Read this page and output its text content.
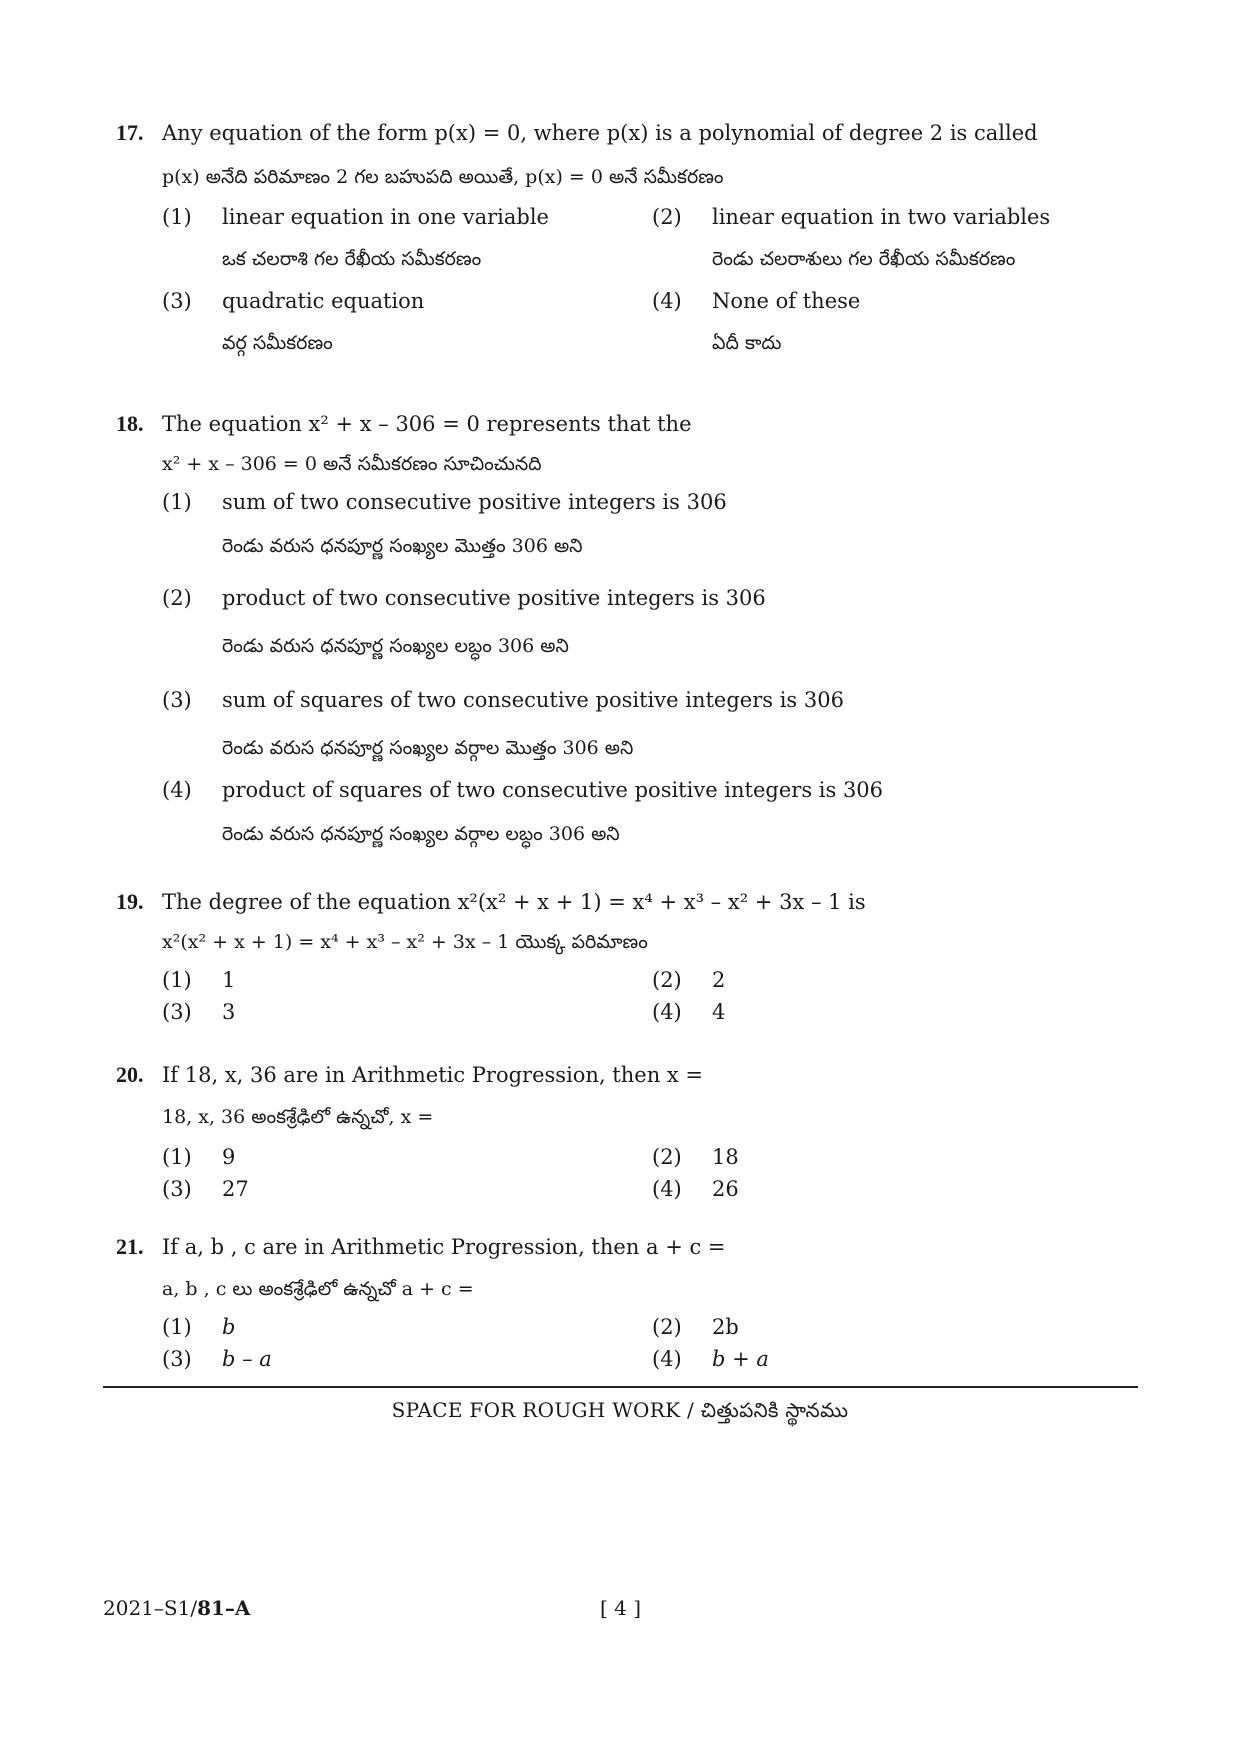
17. Any equation of the form p(x) = 0, where p(x) is a polynomial of degree 2 is called
p(x) అనేది పరిమాణం 2 గల బహుపది అయితే, p(x) = 0 అనే సమీకరణం
(1) linear equation in one variable
ఒక చలరాశి గల రేఖీయ సమీకరణం
(2) linear equation in two variables
రెండు చలరాశులు గల రేఖీయ సమీకరణం
(3) quadratic equation
వర్గ సమీకరణం
(4) None of these
ఏదీ కాదు
18. The equation x² + x – 306 = 0 represents that the
x² + x – 306 = 0 అనే సమీకరణం సూచించునది
(1) sum of two consecutive positive integers is 306
రెండు వరుస ధనపూర్ణ సంఖ్యల మొత్తం 306 అని
(2) product of two consecutive positive integers is 306
రెండు వరుస ధనపూర్ణ సంఖ్యల లబ్ధం 306 అని
(3) sum of squares of two consecutive positive integers is 306
రెండు వరుస ధనపూర్ణ సంఖ్యల వర్గాల మొత్తం 306 అని
(4) product of squares of two consecutive positive integers is 306
రెండు వరుస ధనపూర్ణ సంఖ్యల వర్గాల లబ్ధం 306 అని
19. The degree of the equation x²(x² + x + 1) = x⁴ + x³ – x² + 3x – 1 is
x²(x² + x + 1) = x⁴ + x³ – x² + 3x – 1 యొక్క పరిమాణం
(1) 1	(2) 2
(3) 3	(4) 4
20. If 18, x, 36 are in Arithmetic Progression, then x =
18, x, 36 అంకశ్రేఢిలో ఉన్నచో, x =
(1) 9	(2) 18
(3) 27	(4) 26
21. If a, b , c are in Arithmetic Progression, then a + c =
a, b , c లు అంకశ్రేఢిలో ఉన్నచో a + c =
(1) b	(2) 2b
(3) b – a	(4) b + a
SPACE FOR ROUGH WORK / చిత్తుపనికి స్థానము
2021–S1/81–A	[ 4 ]
